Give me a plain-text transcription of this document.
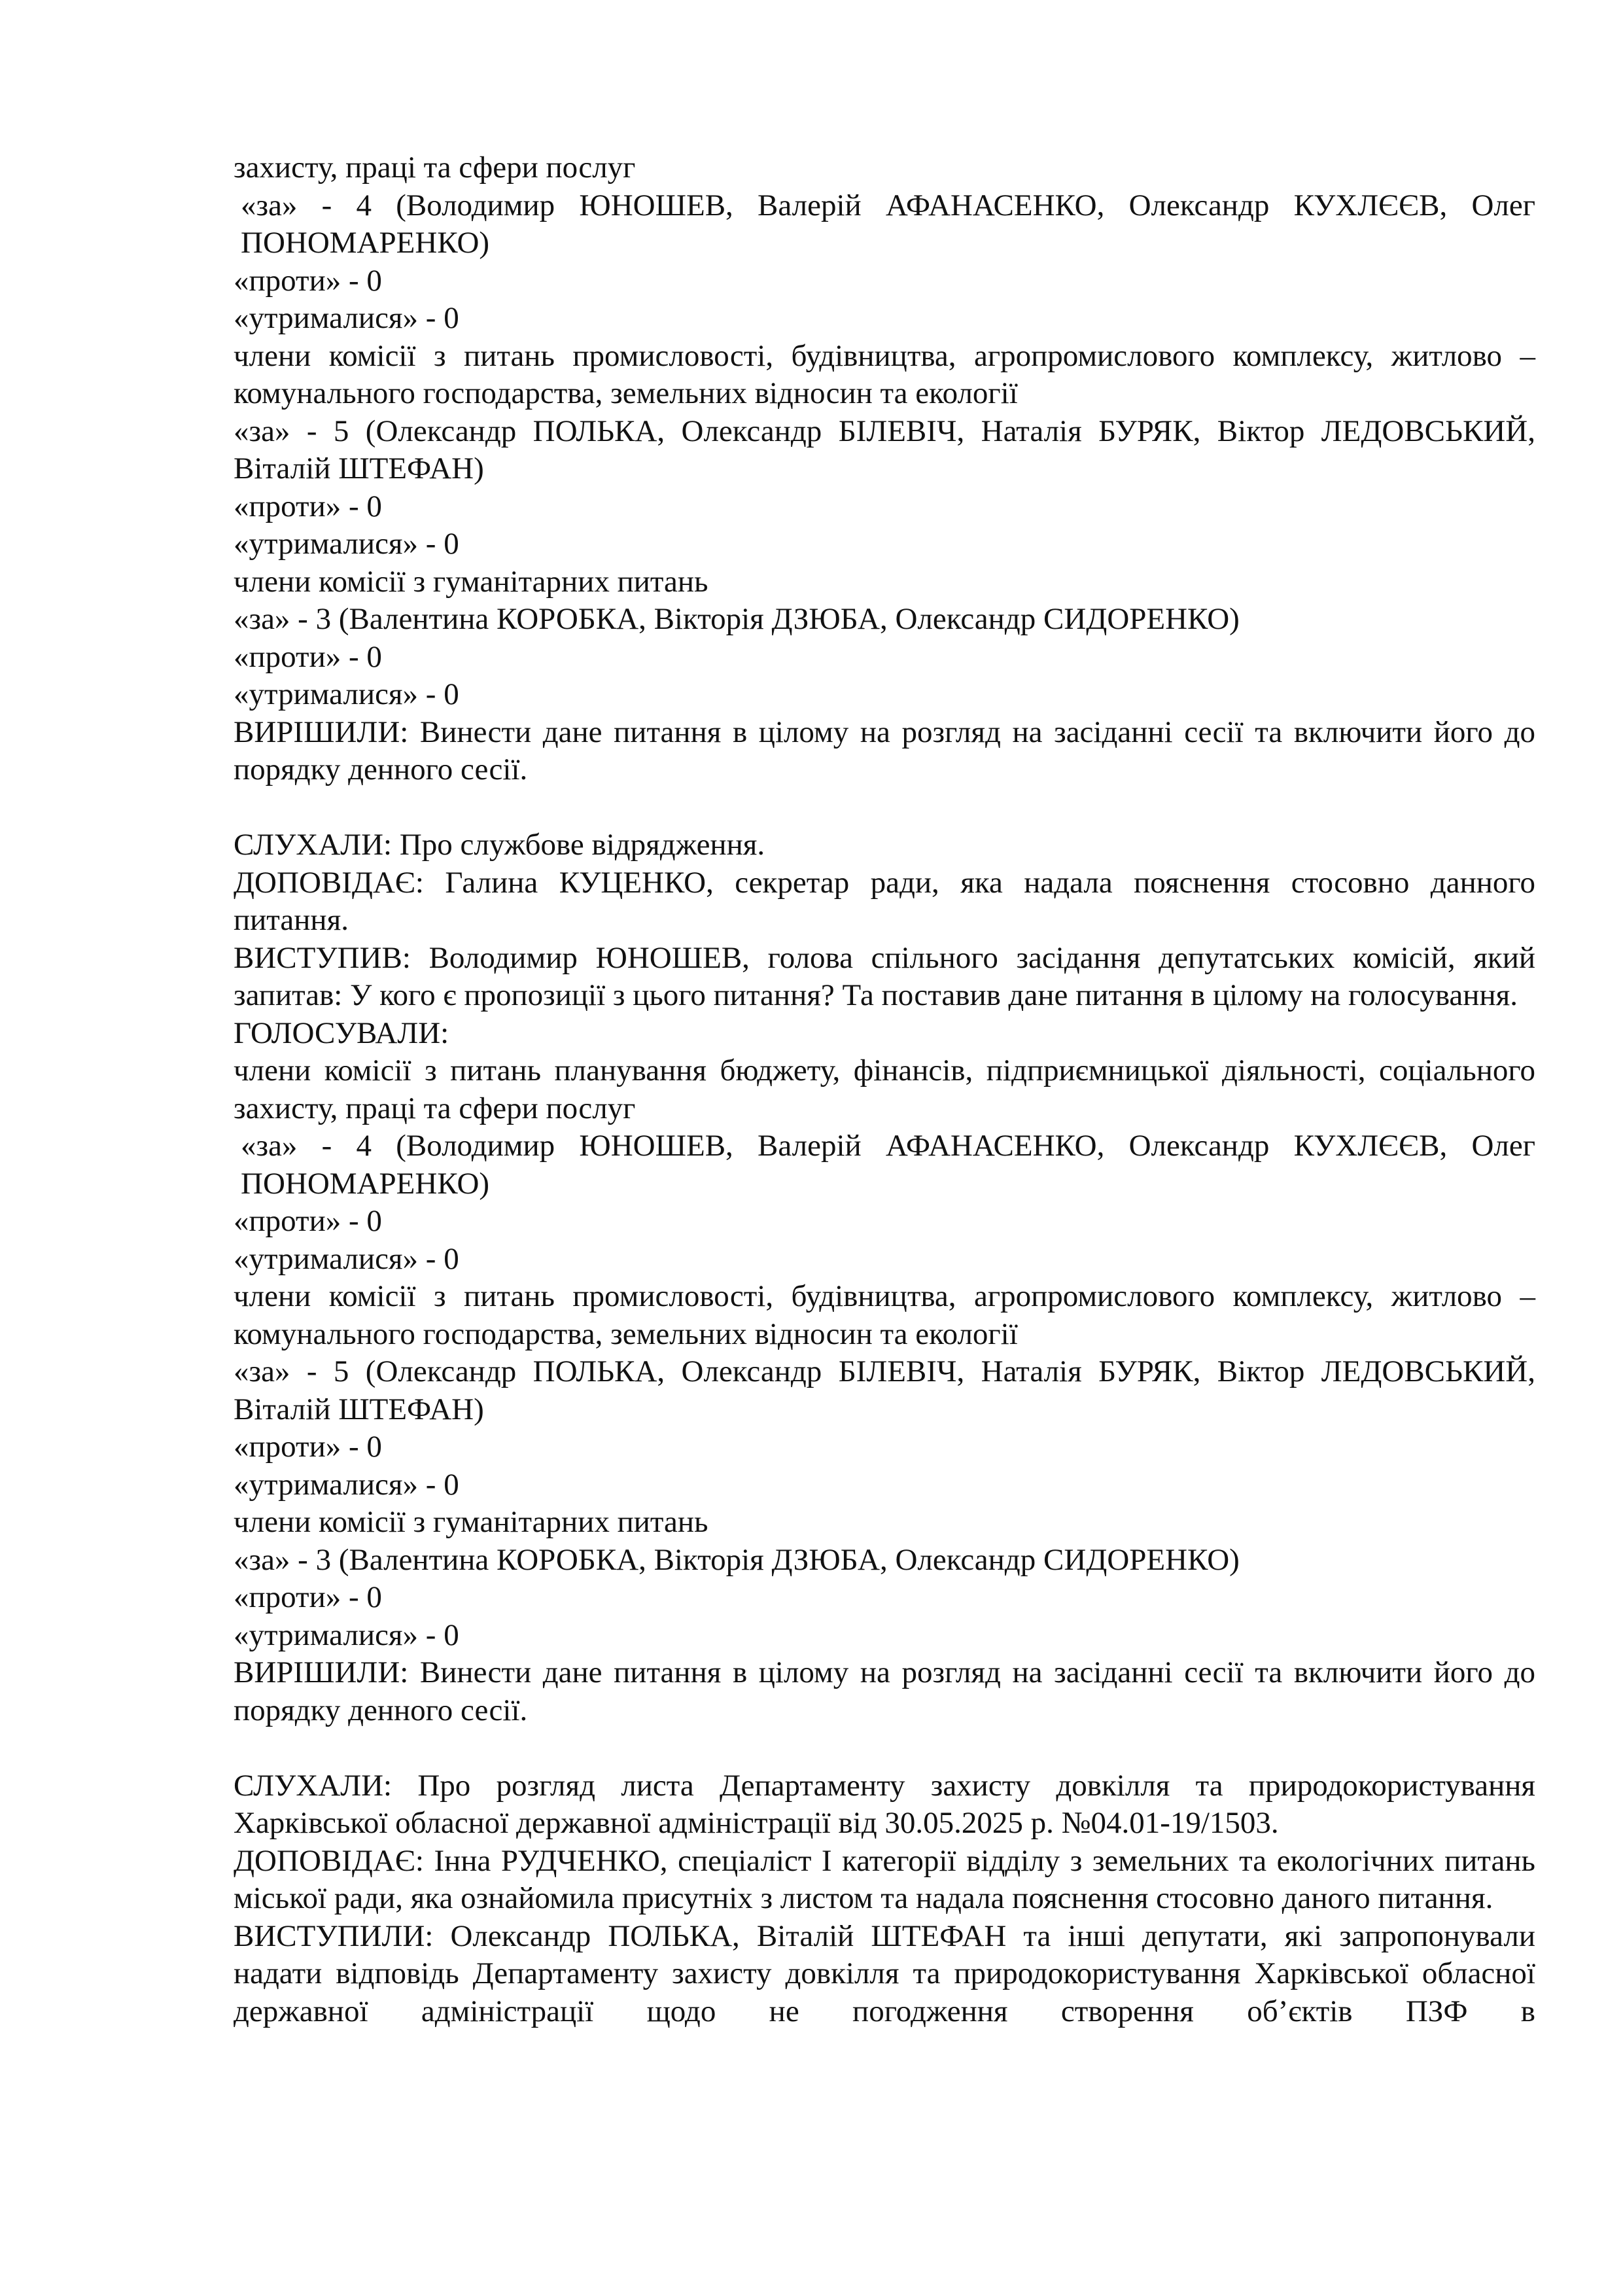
захисту, праці та сфери послуг

«за» - 4 (Володимир ЮНОШЕВ, Валерій АФАНАСЕНКО, Олександр КУХЛЄЄВ, Олег ПОНОМАРЕНКО)

«проти» - 0

«утрималися» - 0

члени комісії з питань промисловості, будівництва, агропромислового комплексу, житлово – комунального господарства, земельних відносин та екології

«за» - 5 (Олександр ПОЛЬКА, Олександр БІЛЕВІЧ, Наталія БУРЯК, Віктор ЛЕДОВСЬКИЙ, Віталій ШТЕФАН)

«проти» - 0

«утрималися» - 0

члени комісії з гуманітарних питань

«за» - 3 (Валентина КОРОБКА, Вікторія ДЗЮБА, Олександр СИДОРЕНКО)

«проти» - 0

«утрималися» - 0

ВИРІШИЛИ: Винести дане питання в цілому на розгляд на засіданні сесії та включити його до порядку денного сесії.

СЛУХАЛИ: Про службове відрядження.

ДОПОВІДАЄ: Галина КУЦЕНКО, секретар ради, яка надала пояснення стосовно данного питання.

ВИСТУПИВ: Володимир ЮНОШЕВ, голова спільного засідання депутатських комісій, який запитав: У кого є пропозиції з цього питання? Та поставив дане питання в цілому на голосування.

ГОЛОСУВАЛИ:

члени комісії з питань планування бюджету, фінансів, підприємницької діяльності, соціального захисту, праці та сфери послуг

«за» - 4 (Володимир ЮНОШЕВ, Валерій АФАНАСЕНКО, Олександр КУХЛЄЄВ, Олег ПОНОМАРЕНКО)

«проти» - 0

«утрималися» - 0

члени комісії з питань промисловості, будівництва, агропромислового комплексу, житлово – комунального господарства, земельних відносин та екології

«за» - 5 (Олександр ПОЛЬКА, Олександр БІЛЕВІЧ, Наталія БУРЯК, Віктор ЛЕДОВСЬКИЙ, Віталій ШТЕФАН)

«проти» - 0

«утрималися» - 0

члени комісії з гуманітарних питань

«за» - 3 (Валентина КОРОБКА, Вікторія ДЗЮБА, Олександр СИДОРЕНКО)

«проти» - 0

«утрималися» - 0

ВИРІШИЛИ: Винести дане питання в цілому на розгляд на засіданні сесії та включити його до порядку денного сесії.

СЛУХАЛИ: Про розгляд листа Департаменту захисту довкілля та природокористування Харківської обласної державної адміністрації від 30.05.2025 р. №04.01-19/1503.

ДОПОВІДАЄ: Інна РУДЧЕНКО, спеціаліст І категорії відділу з земельних та екологічних питань міської ради, яка ознайомила присутніх з листом та надала пояснення стосовно даного питання.

ВИСТУПИЛИ: Олександр ПОЛЬКА, Віталій ШТЕФАН та інші депутати, які запропонували надати відповідь Департаменту захисту довкілля та природокористування Харківської обласної державної адміністрації щодо не погодження створення об’єктів ПЗФ в
